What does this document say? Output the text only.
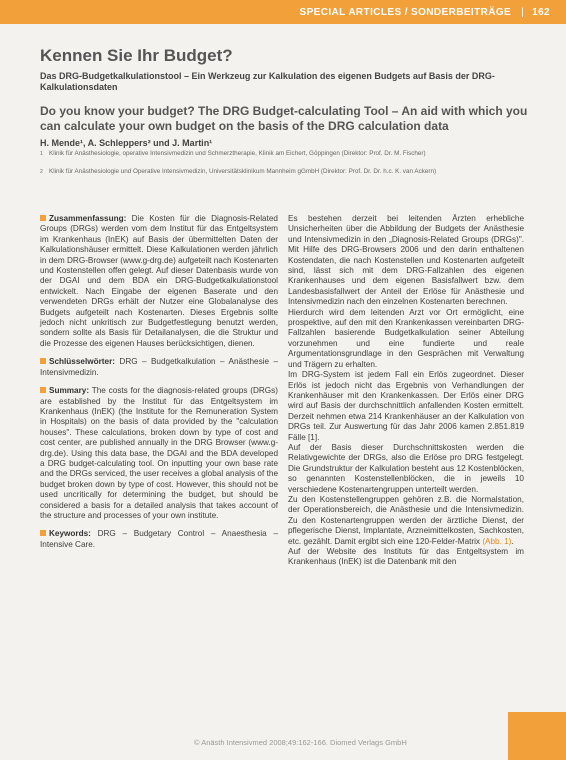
SPECIAL ARTICLES / SONDERBEITRÄGE | 162
Kennen Sie Ihr Budget?
Das DRG-Budgetkalkulationstool – Ein Werkzeug zur Kalkulation des eigenen Budgets auf Basis der DRG-Kalkulationsdaten
Do you know your budget? The DRG Budget-calculating Tool – An aid with which you can calculate your own budget on the basis of the DRG calculation data
H. Mende¹, A. Schleppers² und J. Martin¹
1 Klinik für Anästhesiologie, operative Intensivmedizin und Schmerztherapie, Klinik am Eichert, Göppingen (Direktor: Prof. Dr. M. Fischer)
2 Klinik für Anästhesiologie und Operative Intensivmedizin, Universitätsklinikum Mannheim gGmbH (Direktor: Prof. Dr. Dr. h.c. K. van Ackern)

Zusammenfassung: Die Kosten für die Diagnosis-Related Groups (DRGs) werden vom dem Institut für das Entgeltsystem im Krankenhaus (InEK) auf Basis der übermittelten Daten der Kalkulationshäuser ermittelt. Diese Kalkulationen werden jährlich in dem DRG-Browser (www.g-drg.de) aufgeteilt nach Kostenarten und Kostenstellen offen gelegt. Auf dieser Datenbasis wurde von der DGAI und dem BDA ein DRG-Budgetkalkulationstool entwickelt. Nach Eingabe der eigenen Baserate und den verwendeten DRGs erhält der Nutzer eine Globalanalyse des Budgets aufgeteilt nach Kostenarten. Dieses Ergebnis sollte jedoch nicht unkritisch zur Budgetfestlegung benutzt werden, sondern sollte als Basis für Detailanalysen, die die Struktur und die Prozesse des eigenen Hauses berücksichtigen, dienen.

Schlüsselwörter: DRG – Budgetkalkulation – Anästhesie – Intensivmedizin.

Summary: The costs for the diagnosis-related groups (DRGs) are established by the Institut für das Entgeltsystem im Krankenhaus (InEK) (the Institute for the Remuneration System in Hospitals) on the basis of data provided by the "calculation houses". These calculations, broken down by type of cost and cost center, are published annually in the DRG Browser (www.g-drg.de). Using this data base, the DGAI and the BDA developed a DRG budget-calculating tool. On inputting your own base rate and the DRGs serviced, the user receives a global analysis of the budget broken down by type of cost. However, this should not be used uncritically for determining the budget, but should be considered a basis for a detailed analysis that takes account of the structure and processes of your own institute.

Keywords: DRG – Budgetary Control – Anaesthesia – Intensive Care.

Es bestehen derzeit bei leitenden Ärzten erhebliche Unsicherheiten über die Abbildung der Budgets der Anästhesie und Intensivmedizin in den „Diagnosis-Related Groups (DRGs)". Mit Hilfe des DRG-Browsers 2006 und den darin enthaltenen Kostendaten, die nach Kostenstellen und Kostenarten aufgeteilt sind, lässt sich mit dem DRG-Fallzahlen des eigenen Krankenhauses und dem eigenen Basisfallwert bzw. dem Landesbasisfallwert der Anteil der Erlöse für Anästhesie und Intensivmedizin nach den einzelnen Kostenarten berechnen.

Hierdurch wird dem leitenden Arzt vor Ort ermöglicht, eine prospektive, auf den mit den Krankenkassen vereinbarten DRG-Fallzahlen basierende Budgetkalkulation seiner Abteilung vorzunehmen und eine fundierte und reale Argumentationsgrundlage in den Gesprächen mit Verwaltung und Trägern zu erhalten.

Im DRG-System ist jedem Fall ein Erlös zugeordnet. Dieser Erlös ist jedoch nicht das Ergebnis von Verhandlungen der Krankenhäuser mit den Krankenkassen. Der Erlös einer DRG wird auf Basis der durchschnittlich anfallenden Kosten ermittelt. Derzeit nehmen etwa 214 Krankenhäuser an der Kalkulation von DRGs teil. Zur Auswertung für das Jahr 2006 kamen 2.851.819 Fälle [1].

Auf der Basis dieser Durchschnittskosten werden die Relativgewichte der DRGs, also die Erlöse pro DRG festgelegt. Die Grundstruktur der Kalkulation besteht aus 12 Kostenblöcken, so genannten Kostenstellenblöcken, die in jeweils 10 verschiedene Kostenartengruppen unterteilt werden.

Zu den Kostenstellengruppen gehören z.B. die Normalstation, der Operationsbereich, die Anästhesie und die Intensivmedizin. Zu den Kostenartengruppen werden der ärztliche Dienst, der pflegerische Dienst, Implantate, Arzneimittelkosten, Sachkosten, etc. gezählt. Damit ergibt sich eine 120-Felder-Matrix (Abb. 1).

Auf der Website des Instituts für das Entgeltsystem im Krankenhaus (InEK) ist die Datenbank mit den

© Anästh Intensivmed 2008;49:162-166. Diomed Verlags GmbH
